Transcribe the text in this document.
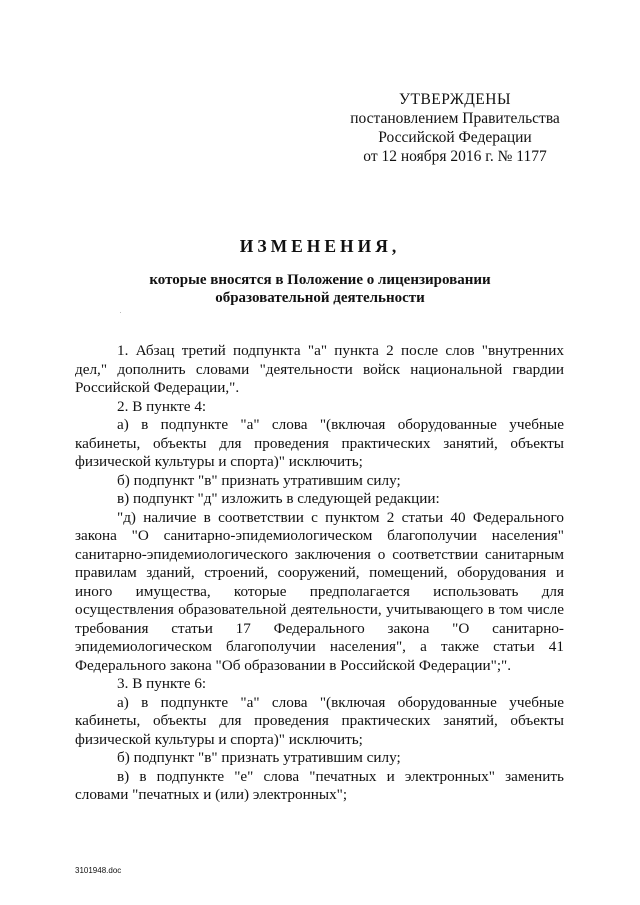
УТВЕРЖДЕНЫ
постановлением Правительства
Российской Федерации
от 12 ноября 2016 г. № 1177
ИЗМЕНЕНИЯ,
которые вносятся в Положение о лицензировании
образовательной деятельности

1. Абзац третий подпункта "а" пункта 2 после слов "внутренних дел," дополнить словами "деятельности войск национальной гвардии Российской Федерации,".

2. В пункте 4:

а) в подпункте "а" слова "(включая оборудованные учебные кабинеты, объекты для проведения практических занятий, объекты физической культуры и спорта)" исключить;

б) подпункт "в" признать утратившим силу;

в) подпункт "д" изложить в следующей редакции:

"д) наличие в соответствии с пунктом 2 статьи 40 Федерального закона "О санитарно-эпидемиологическом благополучии населения" санитарно-эпидемиологического заключения о соответствии санитарным правилам зданий, строений, сооружений, помещений, оборудования и иного имущества, которые предполагается использовать для осуществления образовательной деятельности, учитывающего в том числе требования статьи 17 Федерального закона "О санитарно-эпидемиологическом благополучии населения", а также статьи 41 Федерального закона "Об образовании в Российской Федерации";".

3. В пункте 6:

а) в подпункте "а" слова "(включая оборудованные учебные кабинеты, объекты для проведения практических занятий, объекты физической культуры и спорта)" исключить;

б) подпункт "в" признать утратившим силу;

в) в подпункте "е" слова "печатных и электронных" заменить словами "печатных и (или) электронных";

3101948.doc
